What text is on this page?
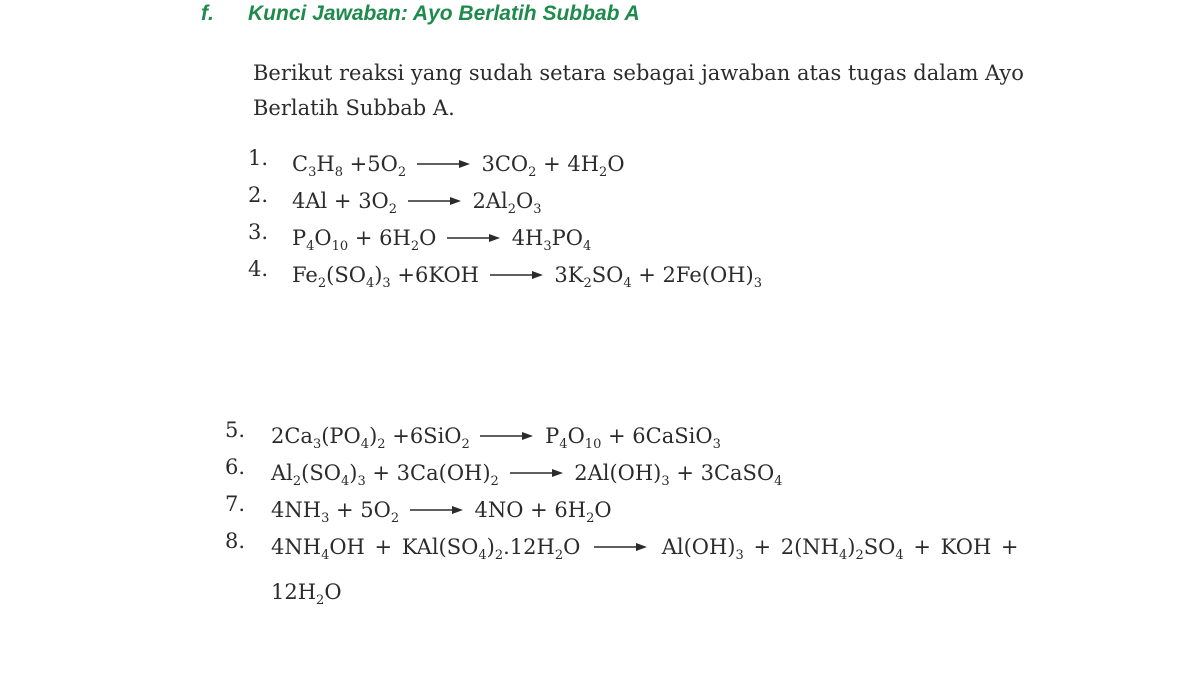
f. Kunci Jawaban: Ayo Berlatih Subbab A

Berikut reaksi yang sudah setara sebagai jawaban atas tugas dalam Ayo Berlatih Subbab A.

1.	$C_3H_8 +5O_2 \to 3CO_2 + 4H_2O$
2.	$4Al + 3O_2 \to 2Al_2O_3$
3.	$P_4O_{10} + 6H_2O \to 4H_3PO_4$
4.	$Fe_2(SO_4)_3 +6KOH \to 3K_2SO_4 + 2Fe(OH)_3$
5.	$2Ca_3(PO_4)_2 +6SiO_2 \to P_4O_{10}$ + 6CaSiO$_3$
6.	$Al_2(SO_4)_3 + 3Ca(OH)_2 \to 2Al(OH)_3$ + 3CaSO$_4$
7.	$4NH_3 + 5O_2 \to 4NO + 6H_2O$
8.	$4NH_4OH + KAl(SO_4)_2.12H_2O \to Al(OH)_3 + 2(NH_4)_2SO_4$ + KOH + $12H_2O$
